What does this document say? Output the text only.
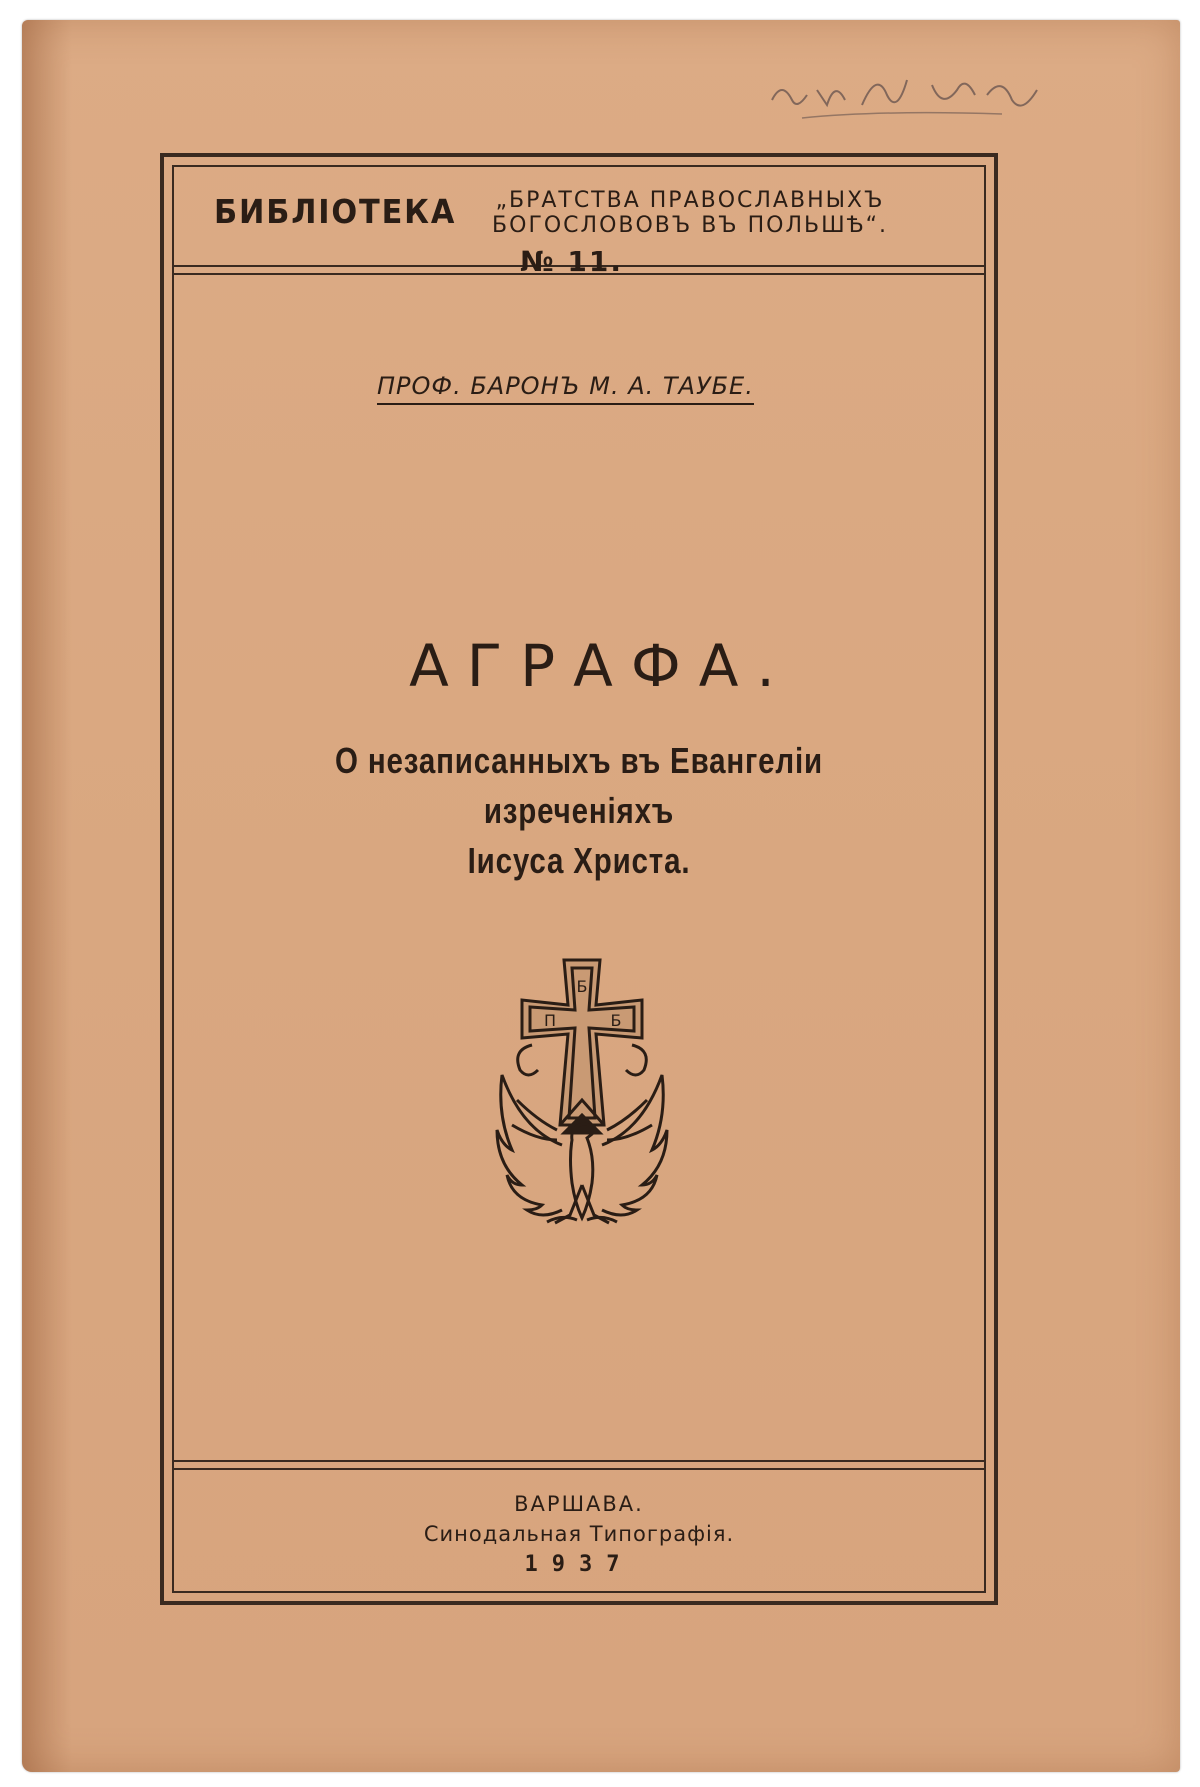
БИБЛІОТЕКА	„БРАТСТВА ПРАВОСЛАВНЫХЪ
БОГОСЛОВОВЪ ВЪ ПОЛЬШѢ“.
№ 11.
ПРОФ. БАРОНЪ М. А. ТАУБЕ.
АГРАФА.
О незаписанныхъ въ Евангеліи изреченіяхъ
Іисуса Христа.
Б
П	Б
ВАРШАВА.
Синодальная Типографія.
1937
